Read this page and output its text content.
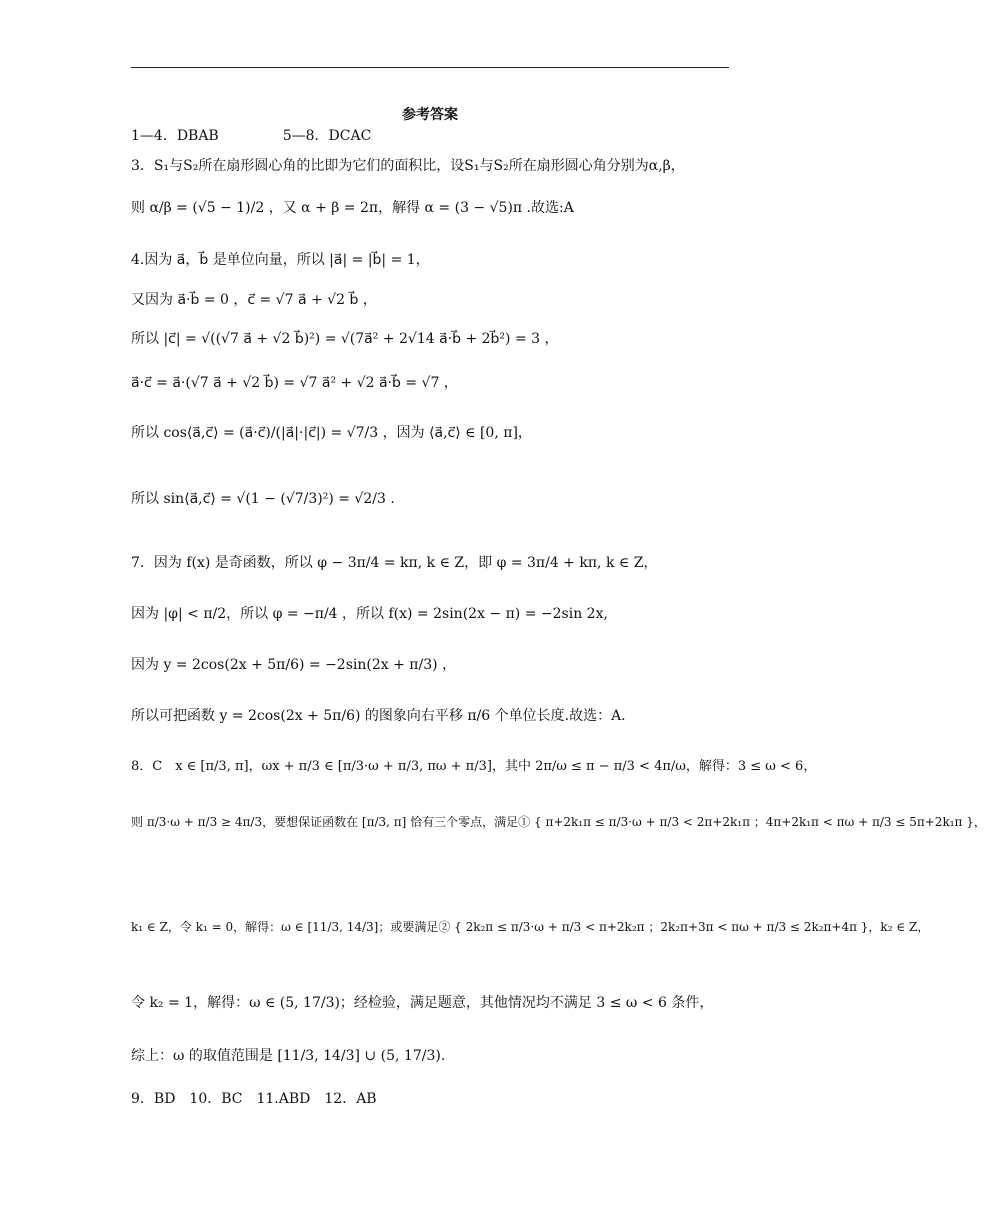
参考答案
1—4．DBAB	5—8．DCAC
3．S₁与S₂所在扇形圆心角的比即为它们的面积比，设S₁与S₂所在扇形圆心角分别为α,β，
则 α/β = (√5 − 1)/2 ，又 α + β = 2π，解得 α = (3 − √5)π .故选:A
4.因为 a⃗，b⃗ 是单位向量，所以 |a⃗| = |b⃗| = 1，
又因为 a⃗·b⃗ = 0 ，c⃗ = √7 a⃗ + √2 b⃗ ，
所以 |c⃗| = √((√7 a⃗ + √2 b⃗)²) = √(7a⃗² + 2√14 a⃗·b⃗ + 2b⃗²) = 3 ，
a⃗·c⃗ = a⃗·(√7 a⃗ + √2 b⃗) = √7 a⃗² + √2 a⃗·b⃗ = √7 ，
所以 cos⟨a⃗,c⃗⟩ = (a⃗·c⃗)/(|a⃗|·|c⃗|) = √7/3 ，因为 ⟨a⃗,c⃗⟩ ∈ [0, π]，
所以 sin⟨a⃗,c⃗⟩ = √(1 − (√7/3)²) = √2/3 .
7．因为 f(x) 是奇函数，所以 φ − 3π/4 = kπ, k ∈ Z，即 φ = 3π/4 + kπ, k ∈ Z，
因为 |φ| < π/2，所以 φ = −π/4 ，所以 f(x) = 2sin(2x − π) = −2sin 2x,
因为 y = 2cos(2x + 5π/6) = −2sin(2x + π/3) ，
所以可把函数 y = 2cos(2x + 5π/6) 的图象向右平移 π/6 个单位长度.故选：A.
8．C　x ∈ [π/3, π]，ωx + π/3 ∈ [π/3·ω + π/3, πω + π/3]，其中 2π/ω ≤ π − π/3 < 4π/ω，解得：3 ≤ ω < 6，
则 π/3·ω + π/3 ≥ 4π/3，要想保证函数在 [π/3, π] 恰有三个零点，满足① { π+2k₁π ≤ π/3·ω + π/3 < 2π+2k₁π ；4π+2k₁π < πω + π/3 ≤ 5π+2k₁π }，
k₁ ∈ Z，令 k₁ = 0，解得：ω ∈ [11/3, 14/3]；或要满足② { 2k₂π ≤ π/3·ω + π/3 < π+2k₂π ；2k₂π+3π < πω + π/3 ≤ 2k₂π+4π }，k₂ ∈ Z，
令 k₂ = 1，解得：ω ∈ (5, 17/3)；经检验，满足题意，其他情况均不满足 3 ≤ ω < 6 条件，
综上：ω 的取值范围是 [11/3, 14/3] ∪ (5, 17/3).
9．BD　10．BC　11.ABD　12．AB
